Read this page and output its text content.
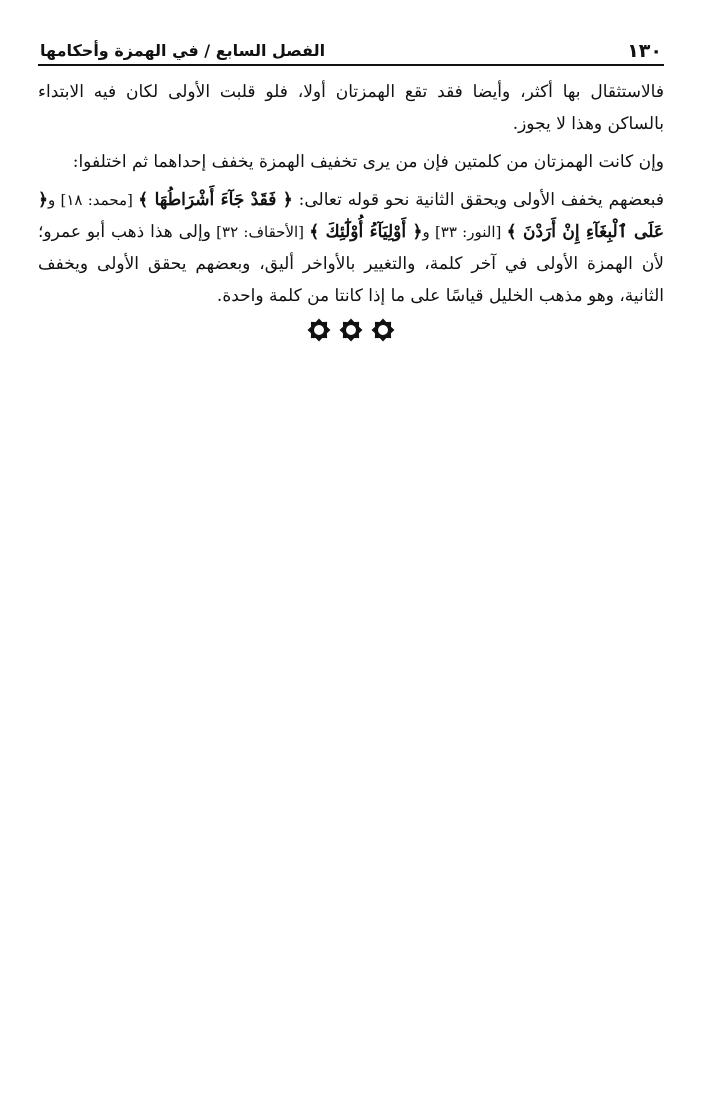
١٣٠
الفصل السابع / في الهمزة وأحكامها

فالاستثقال بها أكثر، وأيضا فقد تقع الهمزتان أولا، فلو قلبت الأولى لكان فيه الابتداء بالساكن وهذا لا يجوز.

وإن كانت الهمزتان من كلمتين فإن من يرى تخفيف الهمزة يخفف إحداهما ثم اختلفوا:

فبعضهم يخفف الأولى ويحقق الثانية نحو قوله تعالى: ﴿ فَقَدْ جَآءَ أَشْرَاطُهَا ﴾ [محمد: ١٨] و﴿ عَلَى ٱلْبِغَآءِ إِنْ أَرَدْنَ ﴾ [النور: ٣٣] و﴿ أَوْلِيَآءُ أُوْلَٰٓئِكَ ﴾ [الأحقاف: ٣٢] وإلى هذا ذهب أبو عمرو؛ لأن الهمزة الأولى في آخر كلمة، والتغيير بالأواخر أليق، وبعضهم يحقق الأولى ويخفف الثانية، وهو مذهب الخليل قياسًا على ما إذا كانتا من كلمة واحدة.
